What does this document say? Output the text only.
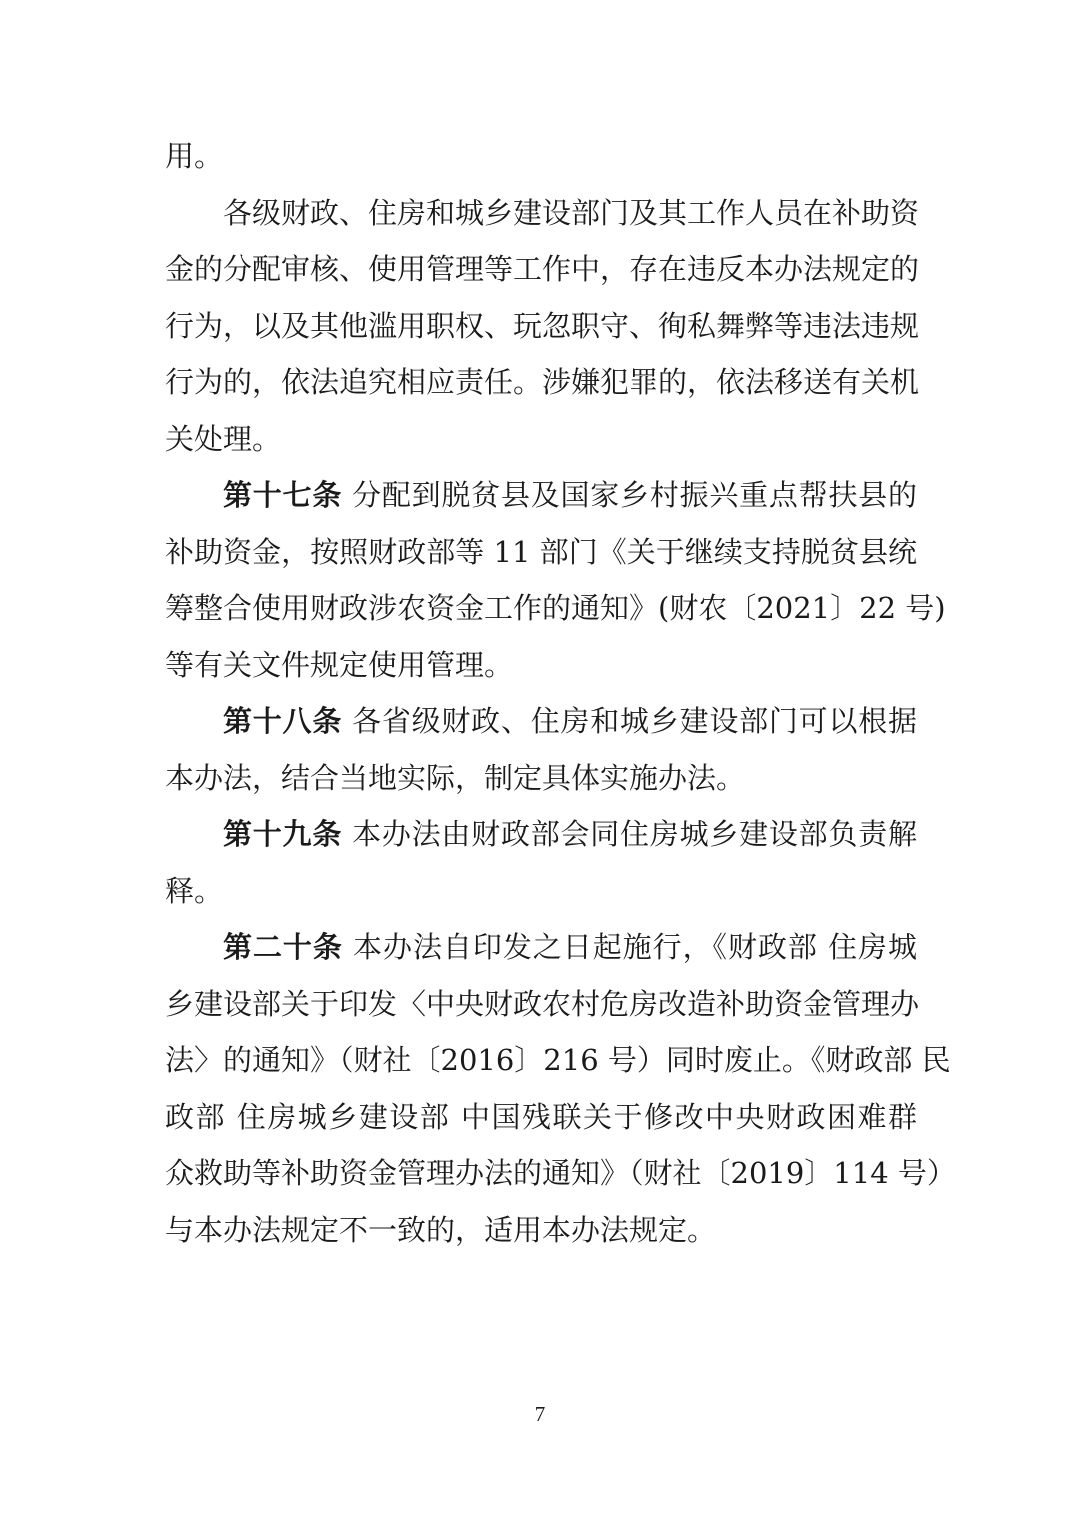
用。
各级财政、住房和城乡建设部门及其工作人员在补助资
金的分配审核、使用管理等工作中，存在违反本办法规定的
行为，以及其他滥用职权、玩忽职守、徇私舞弊等违法违规
行为的，依法追究相应责任。涉嫌犯罪的，依法移送有关机
关处理。
第十七条 分配到脱贫县及国家乡村振兴重点帮扶县的
补助资金，按照财政部等 11 部门《关于继续支持脱贫县统
筹整合使用财政涉农资金工作的通知》(财农〔2021〕22 号)
等有关文件规定使用管理。
第十八条 各省级财政、住房和城乡建设部门可以根据
本办法，结合当地实际，制定具体实施办法。
第十九条 本办法由财政部会同住房城乡建设部负责解
释。
第二十条 本办法自印发之日起施行，《财政部 住房城
乡建设部关于印发〈中央财政农村危房改造补助资金管理办
法〉的通知》（财社〔2016〕216 号）同时废止。《财政部 民
政部 住房城乡建设部 中国残联关于修改中央财政困难群
众救助等补助资金管理办法的通知》（财社〔2019〕114 号）
与本办法规定不一致的，适用本办法规定。
7
